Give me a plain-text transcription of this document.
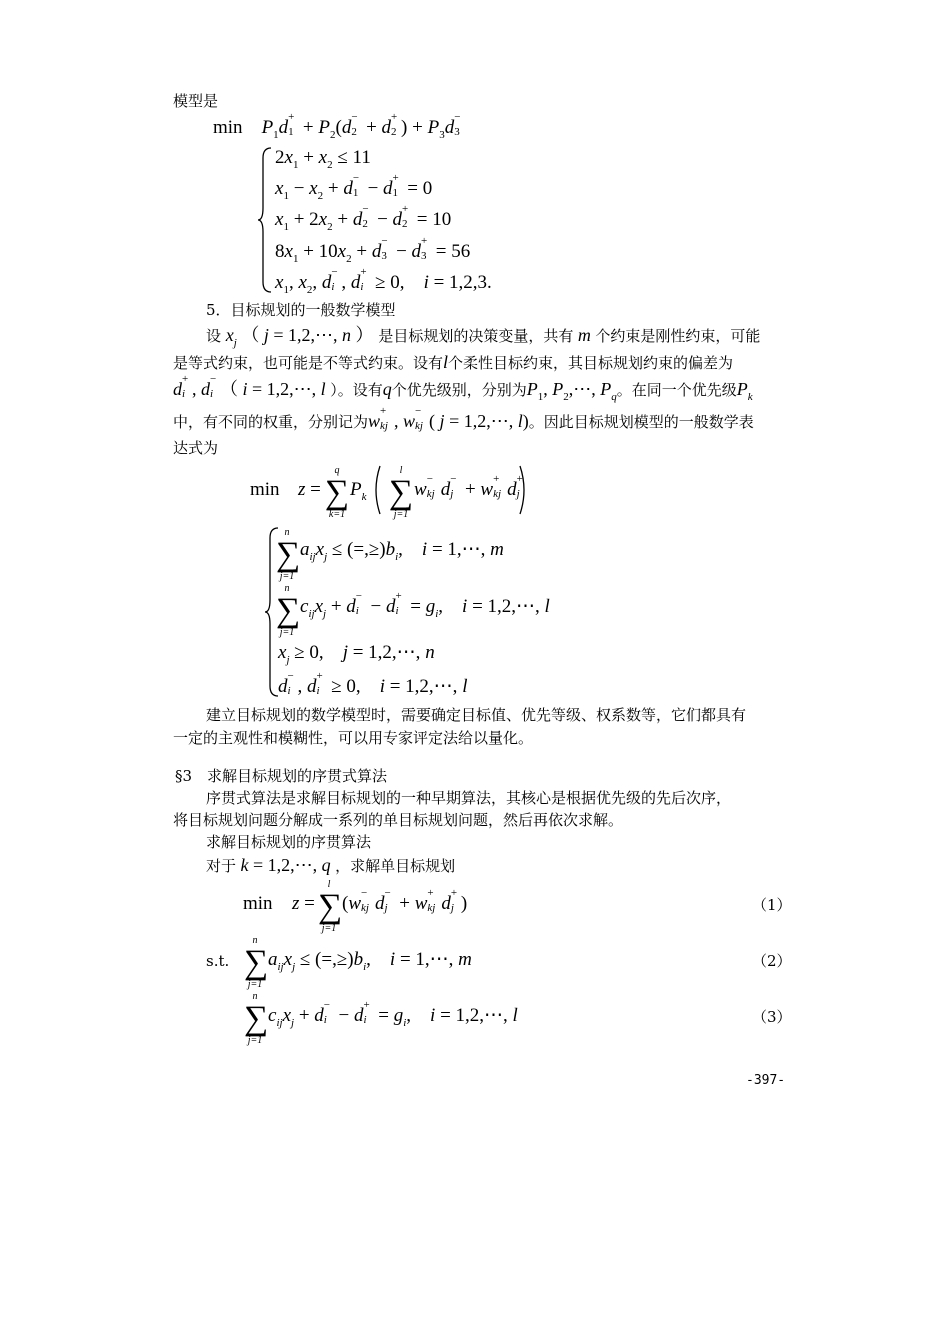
模型是
$\min P_1d$ +
$1 + P_2(d$ −
2 + d +
2 ) + $P_3d$ −
3
$2x_1 + x_2 \le 11$
$x_1 - x_2 + d$ −
1 − d +
1 = 0
$x_1 + 2x_2 + d$ −
2 − d +
2 = 10
$8x_1 + 10x_2 + d$ −
3 − d +
3 = 56
$x_1$, $x_2$, d −
i , d +
i ≥ 0,    i = 1,2,3.
5．目标规划的一般数学模型
设 $x_j$ （ j = 1,2,⋯, n ） 是目标规划的决策变量，共有 m 个约束是刚性约束，可能
是等式约束，也可能是不等式约束。设有l个柔性目标约束，其目标规划约束的偏差为
d +
i , d −
i （ i = 1,2,⋯, l ）。设有q个优先级别，分别为$P_1$, $P_2,\cdots$, $P_q$。在同一个优先级$P_k$
中，有不同的权重，分别记为w +
kj , w −
kj ( j = 1,2,⋯, l)。因此目标规划模型的一般数学表
达式为
min z =
q
∑
k=1
$P_k$
l
∑
j=1
w −
kj d −
j + w +
kj d +
j
n
∑
j=1
$a_{ij}x_j \le (=,\ge)b_i$,    i = 1,⋯, m
n
∑
j=1
$c_{ij}x_j + d$ −
i − d +
$i = g_i$,    i = 1,2,⋯, l
$x_j \ge 0$,    j = 1,2,⋯, n
d −
i , d +
i ≥ 0,    i = 1,2,⋯, l
建立目标规划的数学模型时，需要确定目标值、优先等级、权系数等，它们都具有
一定的主观性和模糊性，可以用专家评定法给以量化。
§3　求解目标规划的序贯式算法
序贯式算法是求解目标规划的一种早期算法，其核心是根据优先级的先后次序，
将目标规划问题分解成一系列的单目标规划问题，然后再依次求解。
求解目标规划的序贯算法
对于 k = 1,2,⋯, q ，求解单目标规划
min z =
l
∑
j=1
(w −
kj d −
j + w +
kj d +
j )	（1）
s.t.
n
∑
j=1
$a_{ij}x_j \le (=,\ge)b_i$,    i = 1,⋯, m	（2）
n
∑
j=1
$c_{ij}x_j + d$ −
i − d +
$i = g_i$,    i = 1,2,⋯, l	（3）
-397-
